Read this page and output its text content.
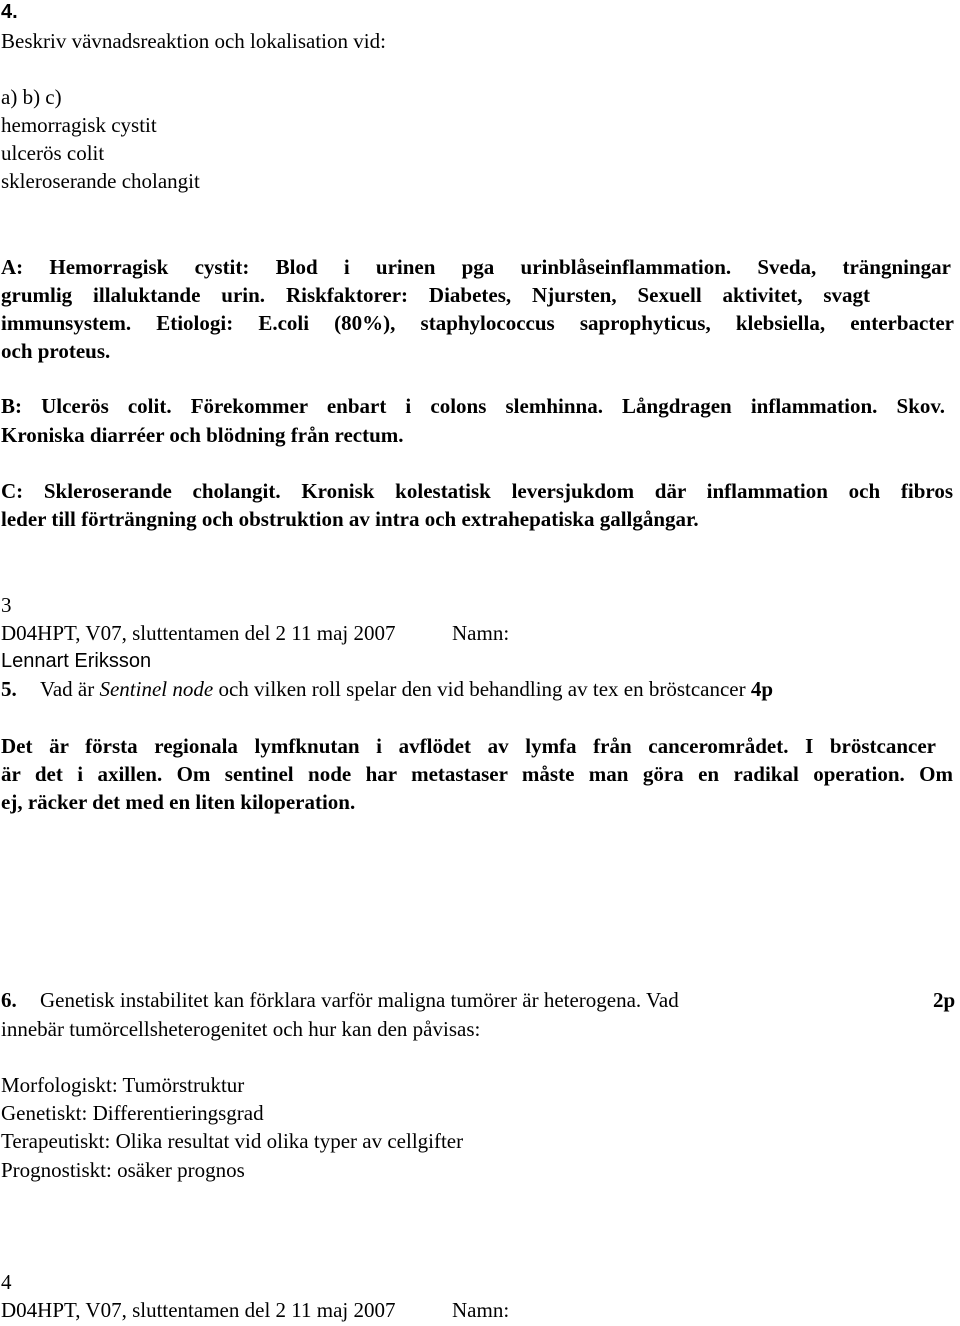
4.
Beskriv vävnadsreaktion och lokalisation vid:
a) b) c)
hemorragisk cystit
ulcerös colit
skleroserande cholangit
A: Hemorragisk cystit: Blod i urinen pga urinblåseinflammation. Sveda, trängningar
grumlig illaluktande urin. Riskfaktorer: Diabetes, Njursten, Sexuell aktivitet, svagt
immunsystem. Etiologi: E.coli (80%), staphylococcus saprophyticus, klebsiella, enterbacter
och proteus.
B: Ulcerös colit. Förekommer enbart i colons slemhinna. Långdragen inflammation. Skov.
Kroniska diarréer och blödning från rectum.
C: Skleroserande cholangit. Kronisk kolestatisk leversjukdom där inflammation och fibros
leder till förträngning och obstruktion av intra och extrahepatiska gallgångar.
3
D04HPT, V07, sluttentamen del 2 11 maj 2007	Namn:
Lennart Eriksson
5. Vad är Sentinel node och vilken roll spelar den vid behandling av tex en bröstcancer 4p
Det är första regionala lymfknutan i avflödet av lymfa från cancerområdet. I bröstcancer
är det i axillen. Om sentinel node har metastaser måste man göra en radikal operation. Om
ej, räcker det med en liten kiloperation.
6. Genetisk instabilitet kan förklara varför maligna tumörer är heterogena. Vad	2p
innebär tumörcellsheterogenitet och hur kan den påvisas:
Morfologiskt: Tumörstruktur
Genetiskt: Differentieringsgrad
Terapeutiskt: Olika resultat vid olika typer av cellgifter
Prognostiskt: osäker prognos
4
D04HPT, V07, sluttentamen del 2 11 maj 2007	Namn:
